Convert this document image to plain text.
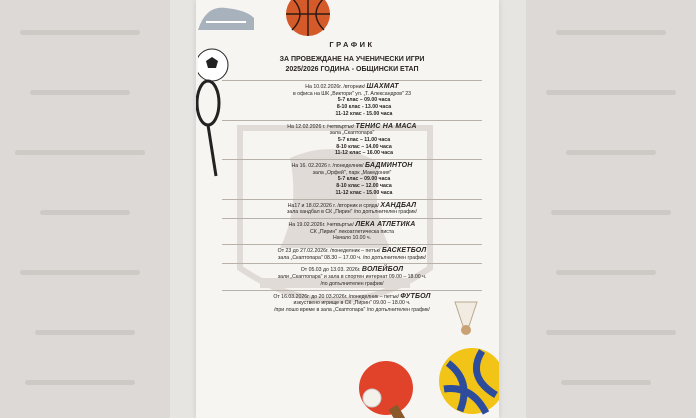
ГРАФИК
ЗА ПРОВЕЖДАНЕ НА УЧЕНИЧЕСКИ ИГРИ
2025/2026 ГОДИНА - ОБЩИНСКИ ЕТАП
На 10.02.2026г. /вторник/ ШАХМАТ
в офиса на ШК „Виктори" ул. „Т. Александров" 23
5-7 клас – 09.00 часа
8-10 клас - 13.00 часа
11-12 клас - 15.00 часа
На 12.02.2026 г. /четвъртък/ ТЕНИС НА МАСА
зала „Скаптопара"
5-7 клас – 11.00 часа
8-10 клас – 14.00 часа
11-12 клас – 16.00 часа
На 16. 02.2026 г. /понеделник/ БАДМИНТОН
зала „Орфей", парк „Македония"
5-7 клас – 09.00 часа
8-10 клас – 12.00 часа
11-12 клас - 15.00 часа
На17 и 18.02.2026 г. /вторник и сряда/ ХАНДБАЛ
зала хандбал в СК „Пирин" /по допълнителен график/
На 19.02.2026г. /четвъртък/ ЛЕКА АТЛЕТИКА
СК „Пирин" лекоатлетическа писта
Начало 10.00 ч.
От 23 до 27.02.2026г. /понеделник – петък/ БАСКЕТБОЛ
зала „Скаптопара" 08.30 – 17.00 ч. /по допълнителен график/
От 05.03 до 13.03. 2026г. ВОЛЕЙБОЛ
зали „Скаптопара" и зала в спортен интернат 09.00 – 18.00 ч.
/по допълнителен график/
От 16.03.2026г. до 20 03.2026г. /понеделник – петък/ ФУТБОЛ
изкуствено игрище в СК „Пирин" 09.00 – 18.00 ч.
/при лошо време в зала „Скаптопара" /по допълнителен график/
